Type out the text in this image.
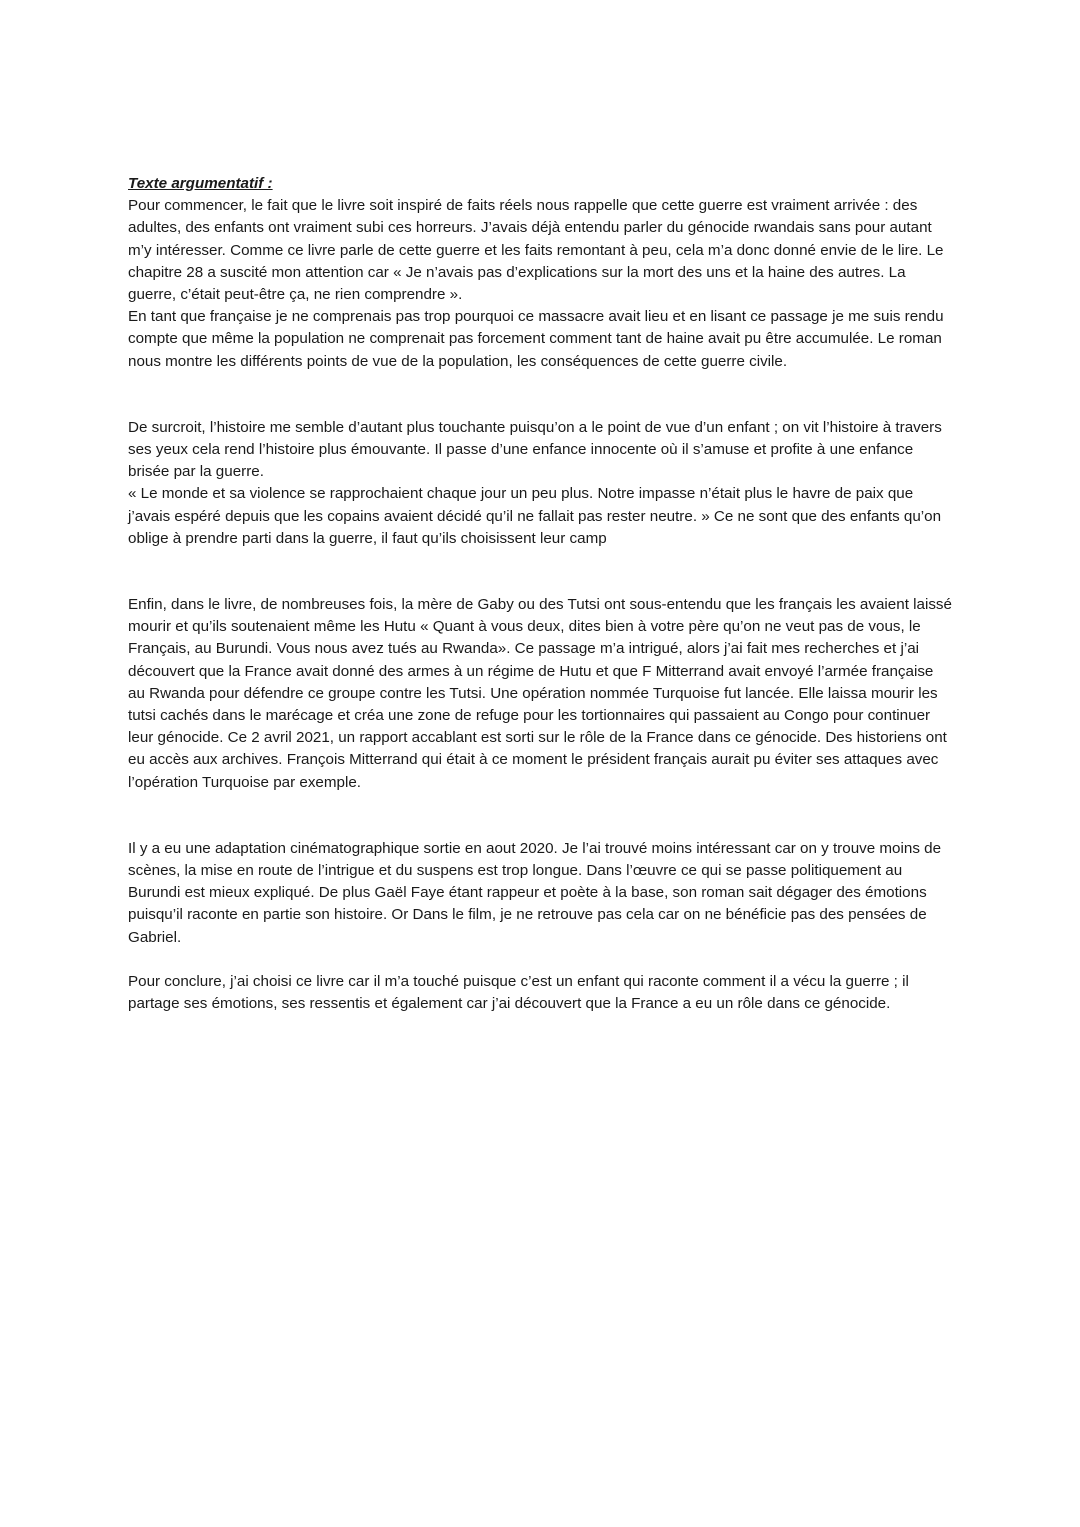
Texte argumentatif :

Pour commencer, le fait que le livre soit inspiré de faits réels nous rappelle que cette guerre est vraiment arrivée : des adultes, des enfants ont vraiment subi ces horreurs. J’avais déjà entendu parler du génocide rwandais sans pour autant m’y intéresser. Comme ce livre parle de cette guerre et les faits remontant à peu, cela m’a donc donné envie de le lire. Le chapitre 28 a suscité mon attention car « Je n’avais pas d’explications sur la mort des uns et la haine des autres. La guerre, c’était peut-être ça, ne rien comprendre ».
En tant que française je ne comprenais pas trop pourquoi ce massacre avait lieu et en lisant ce passage je me suis rendu compte que même la population ne comprenait pas forcement comment tant de haine avait pu être accumulée. Le roman nous montre les différents points de vue de la population, les conséquences de cette guerre civile.

De surcroit, l’histoire me semble d’autant plus touchante puisqu’on a le point de vue d’un enfant ; on vit l’histoire à travers ses yeux cela rend l’histoire plus émouvante. Il passe d’une enfance innocente où il s’amuse et profite à une enfance brisée par la guerre.
« Le monde et sa violence se rapprochaient chaque jour un peu plus. Notre impasse n’était plus le havre de paix que j’avais espéré depuis que les copains avaient décidé qu’il ne fallait pas rester neutre. » Ce ne sont que des enfants qu’on oblige à prendre parti dans la guerre, il faut qu’ils choisissent leur camp

Enfin, dans le livre, de nombreuses fois, la mère de Gaby ou des Tutsi ont sous-entendu que les français les avaient laissé mourir et qu’ils soutenaient même les Hutu « Quant à vous deux, dites bien à votre père qu’on ne veut pas de vous, le Français, au Burundi. Vous nous avez tués au Rwanda». Ce passage m’a intrigué, alors j’ai fait mes recherches et j’ai découvert que la France avait donné des armes à un régime de Hutu et que F Mitterrand avait envoyé l’armée française au Rwanda pour défendre ce groupe contre les Tutsi. Une opération nommée Turquoise fut lancée. Elle laissa mourir les tutsi cachés dans le marécage et créa une zone de refuge pour les tortionnaires qui passaient au Congo pour continuer leur génocide. Ce 2 avril 2021, un rapport accablant est sorti sur le rôle de la France dans ce génocide. Des historiens ont eu accès aux archives. François Mitterrand qui était à ce moment le président français aurait pu éviter ses attaques avec l’opération Turquoise par exemple.

Il y a eu une adaptation cinématographique sortie en aout 2020. Je l’ai trouvé moins intéressant car on y trouve moins de scènes, la mise en route de l’intrigue et du suspens est trop longue. Dans l’œuvre ce qui se passe politiquement au Burundi est mieux expliqué. De plus Gaël Faye étant rappeur et poète à la base, son roman sait dégager des émotions puisqu’il raconte en partie son histoire. Or Dans le film, je ne retrouve pas cela car on ne bénéficie pas des pensées de Gabriel.

Pour conclure, j’ai choisi ce livre car il m’a touché puisque c’est un enfant qui raconte comment il a vécu la guerre ; il partage ses émotions, ses ressentis et également car j’ai découvert que la France a eu un rôle dans ce génocide.
